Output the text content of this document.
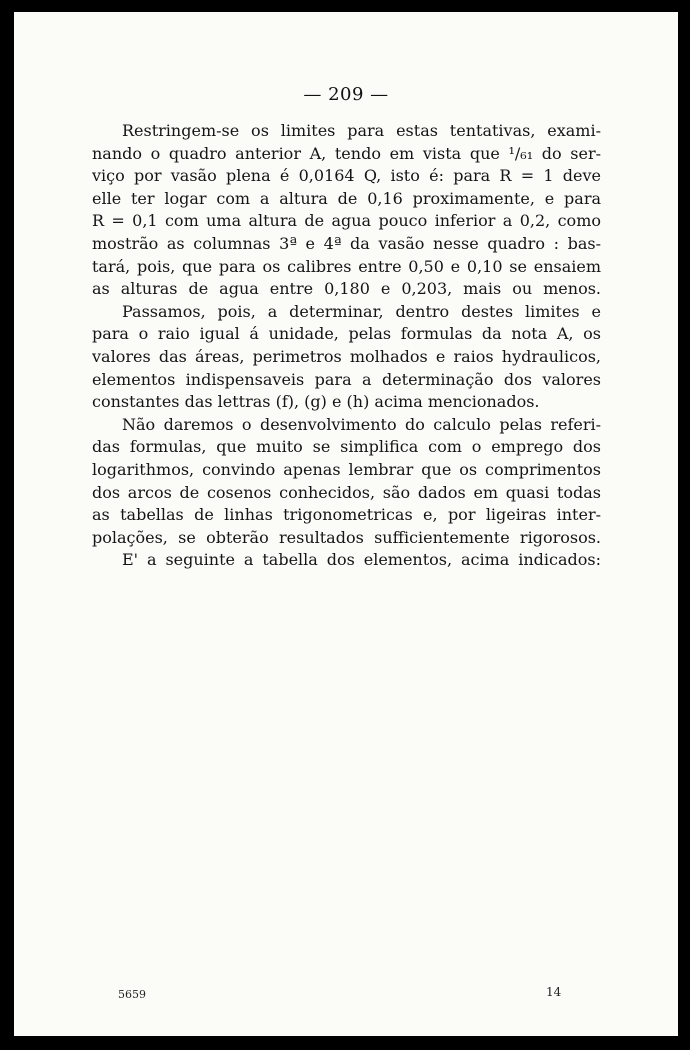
— 209 —
Restringem-se os limites para estas tentativas, exami-
nando o quadro anterior A, tendo em vista que ¹/₆₁ do ser-
viço por vasão plena é 0,0164 Q, isto é: para R = 1 deve
elle ter logar com a altura de 0,16 proximamente, e para
R = 0,1 com uma altura de agua pouco inferior a 0,2, como
mostrão as columnas 3ª e 4ª da vasão nesse quadro : bas-
tará, pois, que para os calibres entre 0,50 e 0,10 se ensaiem
as alturas de agua entre 0,180 e 0,203, mais ou menos.
Passamos, pois, a determinar, dentro destes limites e
para o raio igual á unidade, pelas formulas da nota A, os
valores das áreas, perimetros molhados e raios hydraulicos,
elementos indispensaveis para a determinação dos valores
constantes das lettras (f), (g) e (h) acima mencionados.
Não daremos o desenvolvimento do calculo pelas referi-
das formulas, que muito se simplifica com o emprego dos
logarithmos, convindo apenas lembrar que os comprimentos
dos arcos de cosenos conhecidos, são dados em quasi todas
as tabellas de linhas trigonometricas e, por ligeiras inter-
polações, se obterão resultados sufficientemente rigorosos.
E' a seguinte a tabella dos elementos, acima indicados:
5659	14
